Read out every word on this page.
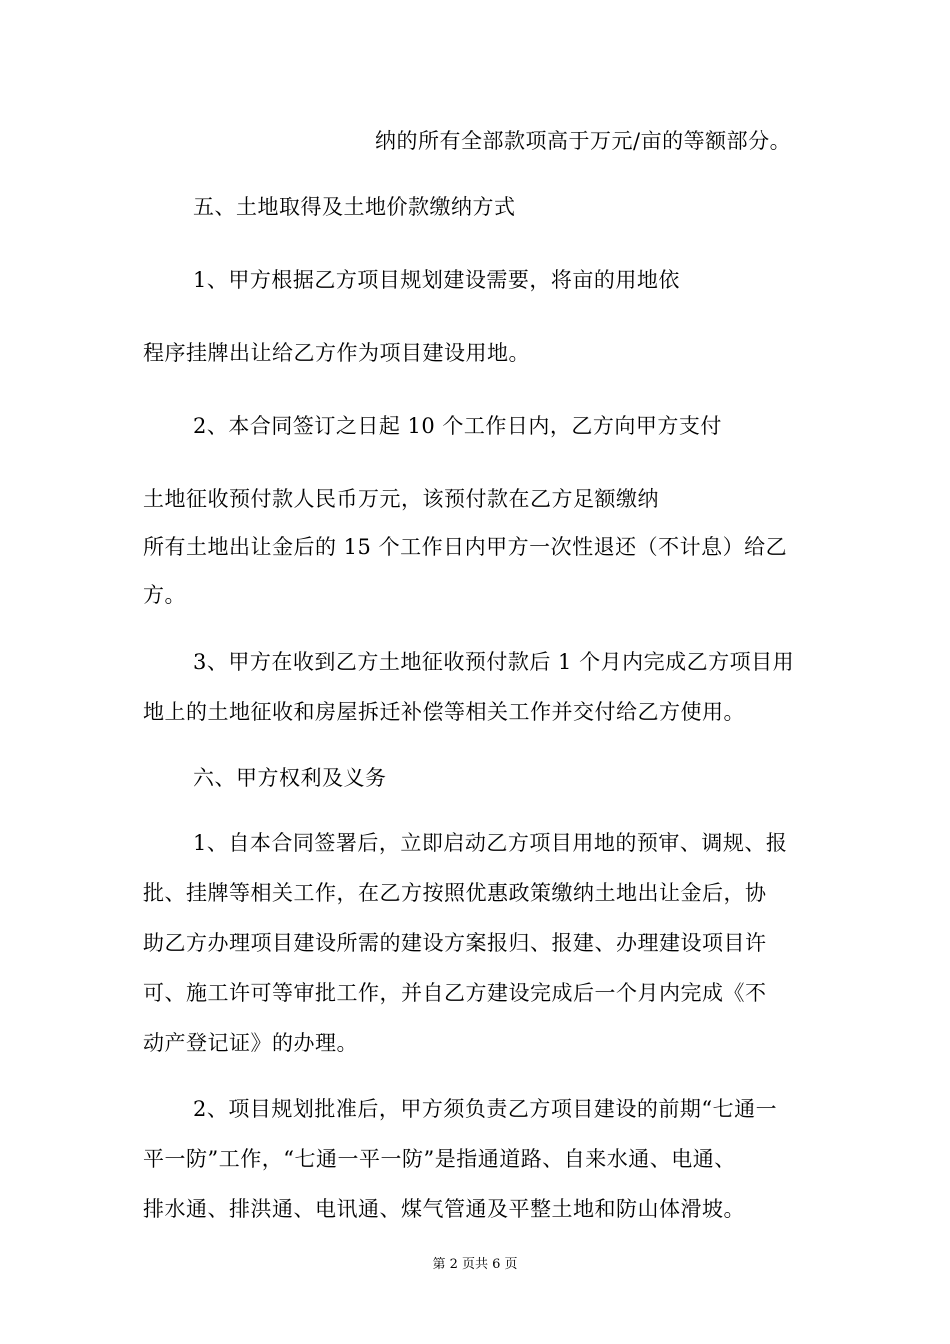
纳的所有全部款项高于万元/亩的等额部分。
五、土地取得及土地价款缴纳方式
1、甲方根据乙方项目规划建设需要，将亩的用地依
程序挂牌出让给乙方作为项目建设用地。
2、本合同签订之日起 10 个工作日内，乙方向甲方支付
土地征收预付款人民币万元，该预付款在乙方足额缴纳
所有土地出让金后的 15 个工作日内甲方一次性退还（不计息）给乙
方。
3、甲方在收到乙方土地征收预付款后 1 个月内完成乙方项目用
地上的土地征收和房屋拆迁补偿等相关工作并交付给乙方使用。
六、甲方权利及义务
1、自本合同签署后，立即启动乙方项目用地的预审、调规、报
批、挂牌等相关工作，在乙方按照优惠政策缴纳土地出让金后，协
助乙方办理项目建设所需的建设方案报归、报建、办理建设项目许
可、施工许可等审批工作，并自乙方建设完成后一个月内完成《不
动产登记证》的办理。
2、项目规划批准后，甲方须负责乙方项目建设的前期“七通一
平一防”工作，“七通一平一防”是指通道路、自来水通、电通、
排水通、排洪通、电讯通、煤气管通及平整土地和防山体滑坡。
第 2 页共 6 页
